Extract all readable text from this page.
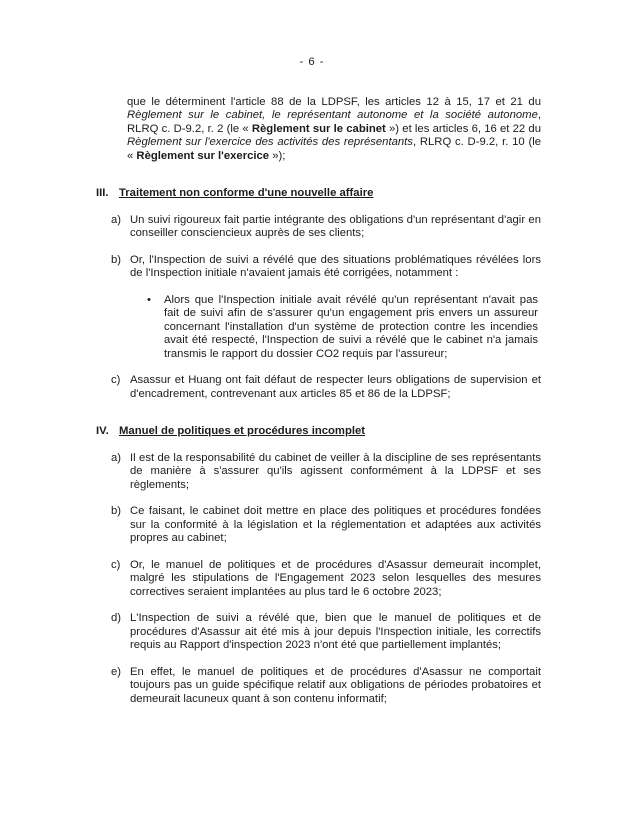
- 6 -

que le déterminent l'article 88 de la LDPSF, les articles 12 à 15, 17 et 21 du Règlement sur le cabinet, le représentant autonome et la société autonome, RLRQ c. D-9.2, r. 2 (le « Règlement sur le cabinet ») et les articles 6, 16 et 22 du Règlement sur l'exercice des activités des représentants, RLRQ c. D-9.2, r. 10 (le « Règlement sur l'exercice »);

III. Traitement non conforme d'une nouvelle affaire
a) Un suivi rigoureux fait partie intégrante des obligations d'un représentant d'agir en conseiller consciencieux auprès de ses clients;
b) Or, l'Inspection de suivi a révélé que des situations problématiques révélées lors de l'Inspection initiale n'avaient jamais été corrigées, notamment :
•	Alors que l'Inspection initiale avait révélé qu'un représentant n'avait pas fait de suivi afin de s'assurer qu'un engagement pris envers un assureur concernant l'installation d'un système de protection contre les incendies avait été respecté, l'Inspection de suivi a révélé que le cabinet n'a jamais transmis le rapport du dossier CO2 requis par l'assureur;
c) Asassur et Huang ont fait défaut de respecter leurs obligations de supervision et d'encadrement, contrevenant aux articles 85 et 86 de la LDPSF;
IV. Manuel de politiques et procédures incomplet
a) Il est de la responsabilité du cabinet de veiller à la discipline de ses représentants de manière à s'assurer qu'ils agissent conformément à la LDPSF et ses règlements;
b) Ce faisant, le cabinet doit mettre en place des politiques et procédures fondées sur la conformité à la législation et la réglementation et adaptées aux activités propres au cabinet;
c) Or, le manuel de politiques et de procédures d'Asassur demeurait incomplet, malgré les stipulations de l'Engagement 2023 selon lesquelles des mesures correctives seraient implantées au plus tard le 6 octobre 2023;
d) L'Inspection de suivi a révélé que, bien que le manuel de politiques et de procédures d'Asassur ait été mis à jour depuis l'Inspection initiale, les correctifs requis au Rapport d'inspection 2023 n'ont été que partiellement implantés;
e) En effet, le manuel de politiques et de procédures d'Asassur ne comportait toujours pas un guide spécifique relatif aux obligations de périodes probatoires et demeurait lacuneux quant à son contenu informatif;
